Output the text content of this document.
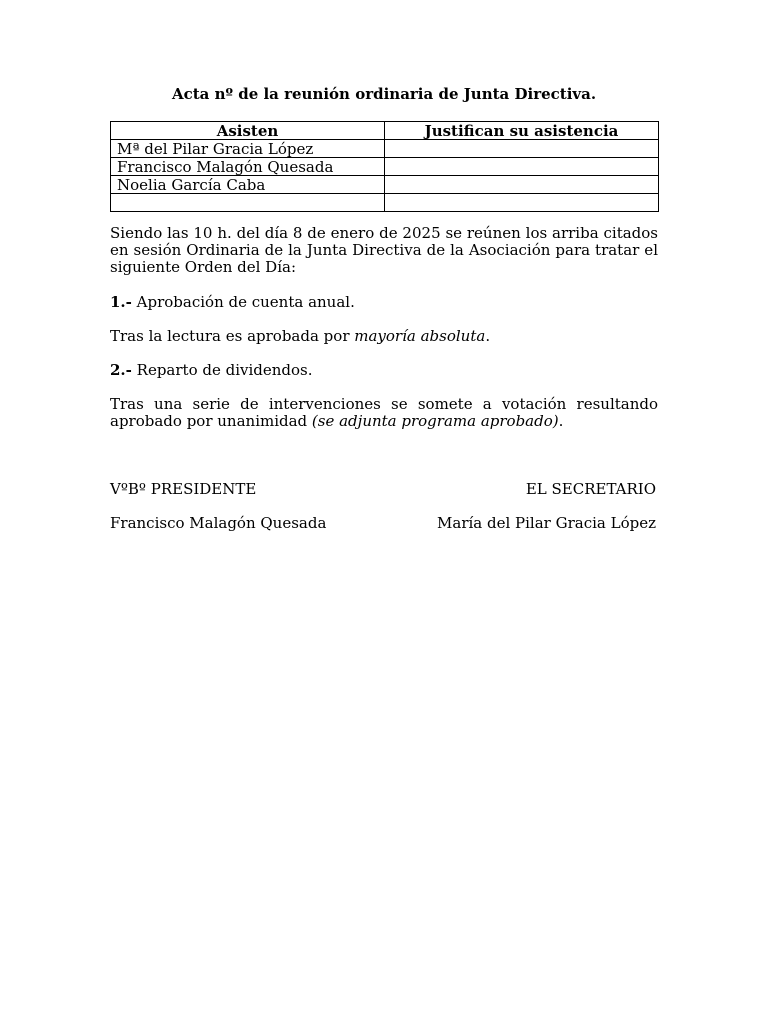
Acta nº de la reunión ordinaria de Junta Directiva.
Asisten	Justifican su asistencia
Mª del Pilar Gracia López	
Francisco Malagón Quesada	
Noelia García Caba	

Siendo las 10 h. del día 8 de enero de 2025 se reúnen los arriba citados en sesión Ordinaria de la Junta Directiva de la Asociación para tratar el siguiente Orden del Día:
1.- Aprobación de cuenta anual.
Tras la lectura es aprobada por mayoría absoluta.
2.- Reparto de dividendos.
Tras una serie de intervenciones se somete a votación resultando aprobado por unanimidad (se adjunta programa aprobado).
VºBº PRESIDENTE	EL SECRETARIO
Francisco Malagón Quesada	María del Pilar Gracia López
